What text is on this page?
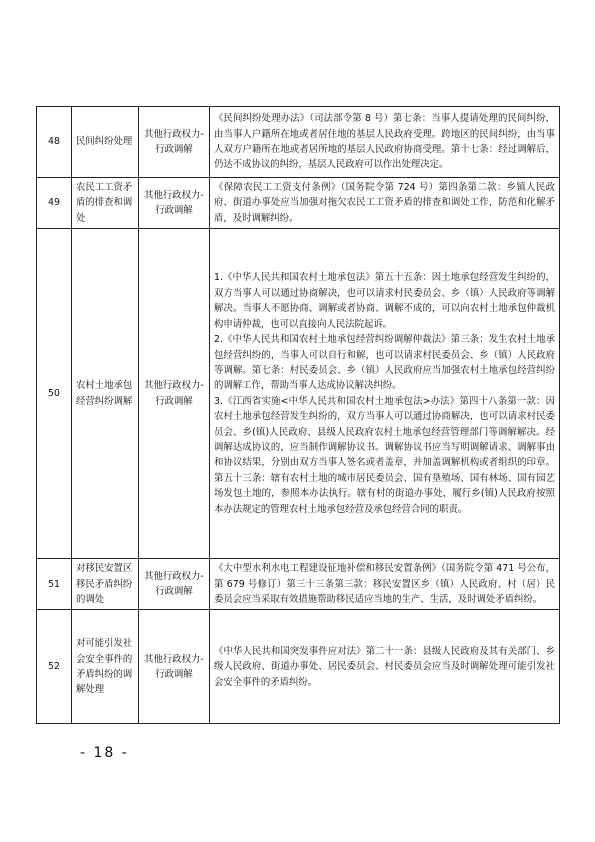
48	民间纠纷处理	其他行政权力-行政调解	《民间纠纷处理办法》（司法部令第 8 号）第七条：当事人提请处理的民间纠纷，由当事人户籍所在地或者居住地的基层人民政府受理。跨地区的民间纠纷，由当事人双方户籍所在地或者居所地的基层人民政府协商受理。第十七条：经过调解后，仍达不成协议的纠纷，基层人民政府可以作出处理决定。

49	农民工工资矛盾的排查和调处	其他行政权力-行政调解	《保障农民工工资支付条例》（国务院令第 724 号）第四条第二款：乡镇人民政府、街道办事处应当加强对拖欠农民工工资矛盾的排查和调处工作，防范和化解矛盾，及时调解纠纷。

50	农村土地承包经营纠纷调解	其他行政权力-行政调解	1.《中华人民共和国农村土地承包法》第五十五条：因土地承包经营发生纠纷的，双方当事人可以通过协商解决，也可以请求村民委员会、乡（镇）人民政府等调解解决。当事人不愿协商、调解或者协商、调解不成的，可以向农村土地承包仲裁机构申请仲裁，也可以直接向人民法院起诉。

2.《中华人民共和国农村土地承包经营纠纷调解仲裁法》第三条：发生农村土地承包经营纠纷的，当事人可以自行和解，也可以请求村民委员会、乡（镇）人民政府等调解。第七条：村民委员会、乡（镇）人民政府应当加强农村土地承包经营纠纷的调解工作，帮助当事人达成协议解决纠纷。

3.《江西省实施<中华人民共和国农村土地承包法>办法》第四十八条第一款：因农村土地承包经营发生纠纷的，双方当事人可以通过协商解决，也可以请求村民委员会、乡(镇)人民政府、县级人民政府农村土地承包经营管理部门等调解解决。经调解达成协议的，应当制作调解协议书。调解协议书应当写明调解请求、调解事由和协议结果，分别由双方当事人签名或者盖章，并加盖调解机构或者组织的印章。第五十三条：辖有农村土地的城市居民委员会、国有垦殖场、国有林场、国有园艺场发包土地的，参照本办法执行。辖有村的街道办事处，履行乡(镇)人民政府按照本办法规定的管理农村土地承包经营及承包经营合同的职责。

51	对移民安置区移民矛盾纠纷的调处	其他行政权力-行政调解	《大中型水利水电工程建设征地补偿和移民安置条例》（国务院令第 471 号公布，第 679 号修订）第三十三条第三款：移民安置区乡（镇）人民政府、村（居）民委员会应当采取有效措施帮助移民适应当地的生产、生活，及时调处矛盾纠纷。

52	对可能引发社会安全事件的矛盾纠纷的调解处理	其他行政权力-行政调解	《中华人民共和国突发事件应对法》第二十一条：县级人民政府及其有关部门、乡级人民政府、街道办事处、居民委员会、村民委员会应当及时调解处理可能引发社会安全事件的矛盾纠纷。

- 18 -
